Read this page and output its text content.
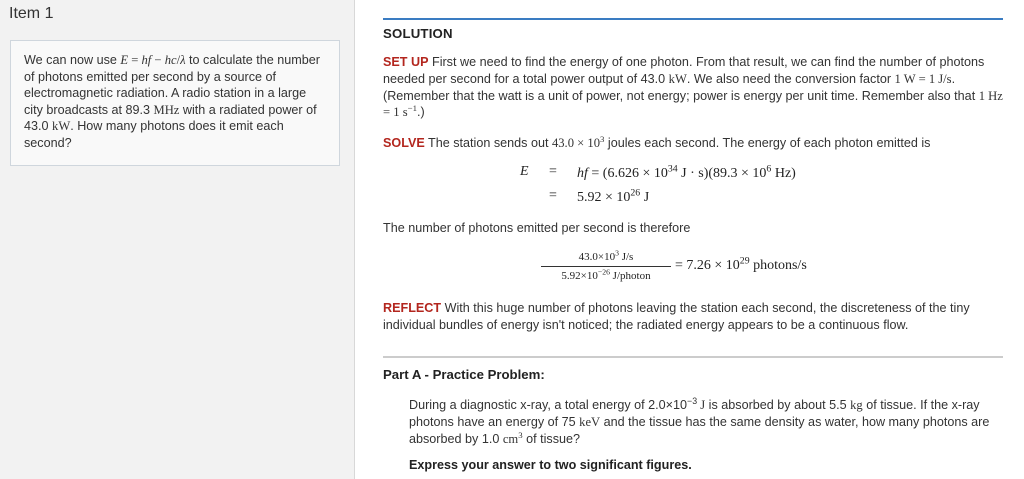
Item 1
We can now use E = hf − hc/λ to calculate the number of photons emitted per second by a source of electromagnetic radiation. A radio station in a large city broadcasts at 89.3 MHz with a radiated power of 43.0 kW. How many photons does it emit each second?
SOLUTION
SET UP First we need to find the energy of one photon. From that result, we can find the number of photons needed per second for a total power output of 43.0 kW. We also need the conversion factor 1 W = 1 J/s. (Remember that the watt is a unit of power, not energy; power is energy per unit time. Remember also that 1 Hz = 1 $s^{-1}$.)
SOLVE The station sends out $43.0 \times 10^3$ joules each second. The energy of each photon emitted is
E = hf = ($6.626 \times 10^{34}$ $J \cdot s)(89.3 \times 10^6$ Hz)
= $5.92 \times 10^{26}$ J
The number of photons emitted per second is therefore
$43.0\times 10^3$ J/s
$5.92\times 10^{-26}$ J/photon
= $7.26 \times 10^{29}$ photons/s
REFLECT With this huge number of photons leaving the station each second, the discreteness of the tiny individual bundles of energy isn't noticed; the radiated energy appears to be a continuous flow.
Part A - Practice Problem:
During a diagnostic x-ray, a total energy of $2.0\times 10^{-3}$ J is absorbed by about 5.5 kg of tissue. If the x-ray photons have an energy of 75 keV and the tissue has the same density as water, how many photons are absorbed by 1.0 $cm^3$ of tissue?
Express your answer to two significant figures.
